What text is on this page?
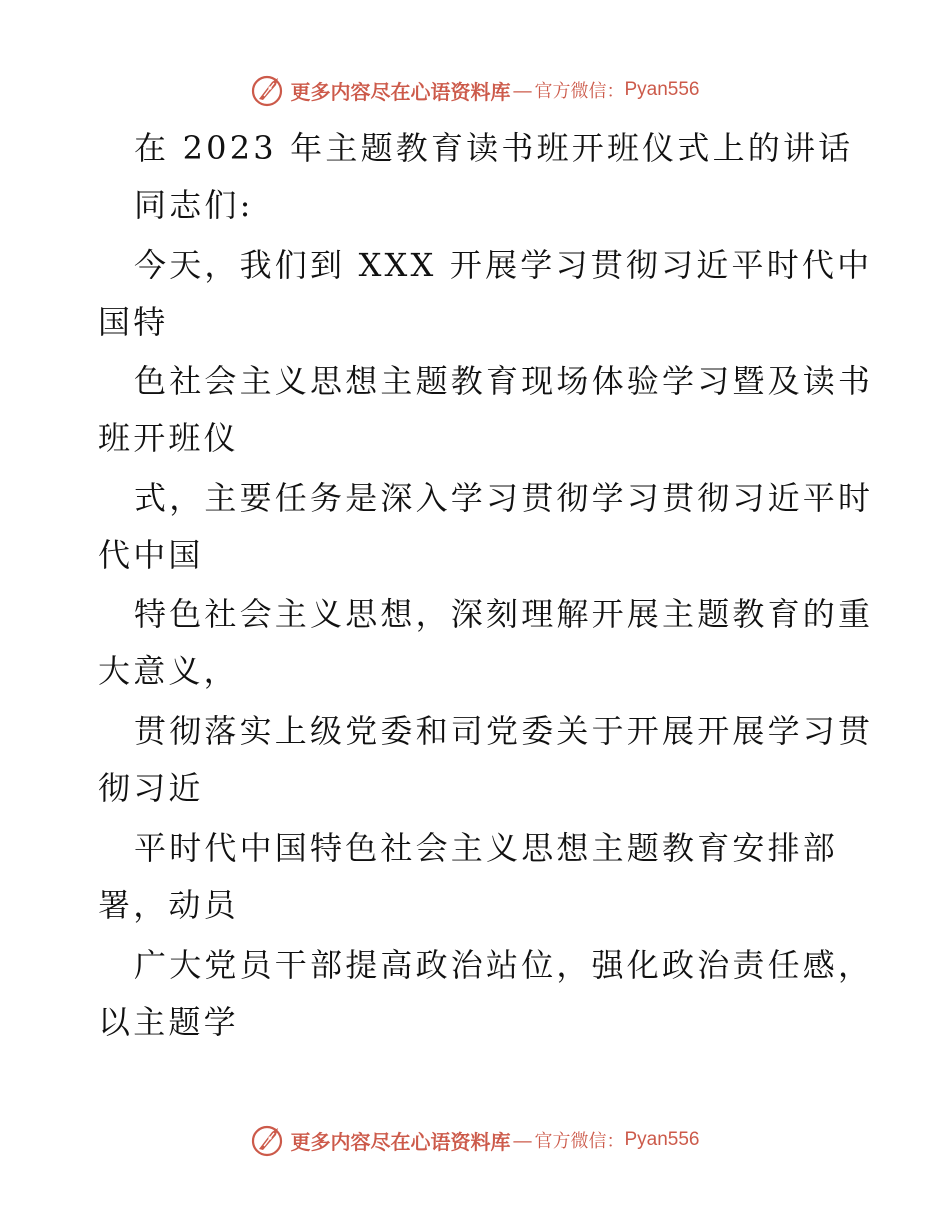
更多内容尽在心语资料库 — 官方微信： Pyan556
在 2023 年主题教育读书班开班仪式上的讲话
同志们:
今天，我们到 XXX 开展学习贯彻习近平时代中
国特
色社会主义思想主题教育现场体验学习暨及读书
班开班仪
式，主要任务是深入学习贯彻学习贯彻习近平时
代中国
特色社会主义思想，深刻理解开展主题教育的重
大意义，
贯彻落实上级党委和司党委关于开展开展学习贯
彻习近
平时代中国特色社会主义思想主题教育安排部
署，动员
广大党员干部提高政治站位，强化政治责任感，
以主题学
更多内容尽在心语资料库 — 官方微信： Pyan556
